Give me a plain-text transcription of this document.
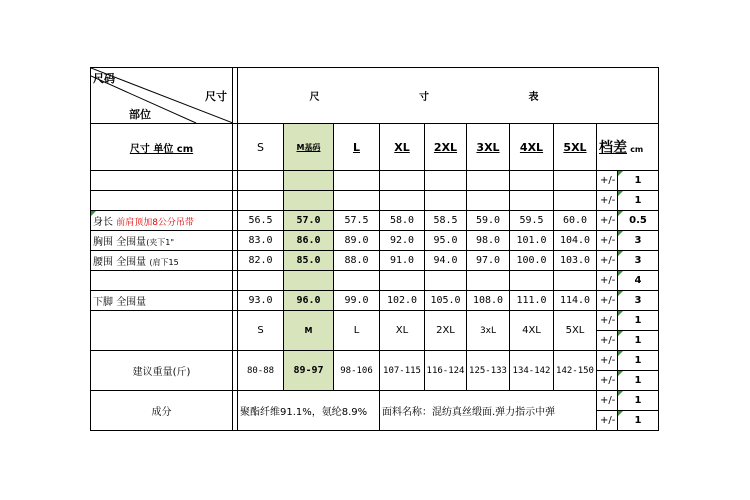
尺码
尺寸
部位		尺 寸 表									

尺寸 单位 cm		S	M基码	L	XL	2XL	3XL	4XL	5XL	档差 cm	
										+/-	1
										+/-	1
身长 前肩顶加8公分吊带		56.5	57.0	57.5	58.0	58.5	59.0	59.5	60.0	+/-	0.5
胸围 全围量(夹下1"		83.0	86.0	89.0	92.0	95.0	98.0	101.0	104.0	+/-	3
腰围 全围量 (肩下15		82.0	85.0	88.0	91.0	94.0	97.0	100.0	103.0	+/-	3
										+/-	4
下脚 全围量		93.0	96.0	99.0	102.0	105.0	108.0	111.0	114.0	+/-	3
		S	M	L	XL	2XL	3xL	4XL	5XL	+/-	1
										+/-	1
建议重量(斤)		80-88	89-97	98-106	107-115	116-124	125-133	134-142	142-150	+/-	1
										+/-	1
成分		聚酯纤维91.1%，氨纶8.9%			面料名称：混纺真丝缎面.弹力指示中弹					+/-	1
										+/-	1
